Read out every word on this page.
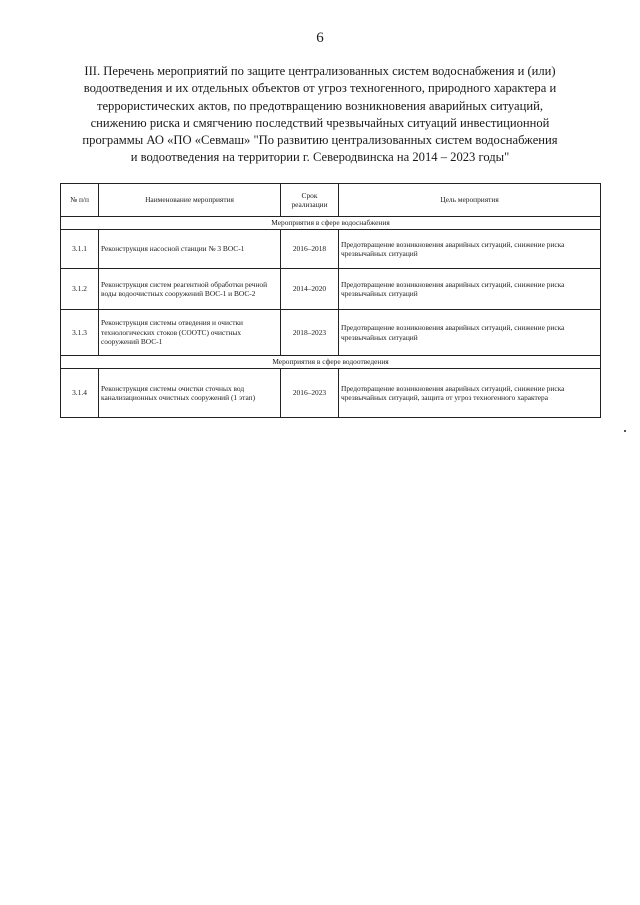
6
III. Перечень мероприятий по защите централизованных систем водоснабжения и (или)
водоотведения и их отдельных объектов от угроз техногенного, природного характера и
террористических актов, по предотвращению возникновения аварийных ситуаций,
снижению риска и смягчению последствий чрезвычайных ситуаций инвестиционной
программы АО «ПО «Севмаш» "По развитию централизованных систем водоснабжения
и водоотведения на территории г. Северодвинска на 2014 – 2023 годы"
№ п/п	Наименование мероприятия	Срок реализации	Цель мероприятия
Мероприятия в сфере водоснабжения			
3.1.1	Реконструкция насосной станции № 3 ВОС-1	2016–2018	Предотвращение возникновения аварийных ситуаций, снижение риска чрезвычайных ситуаций
3.1.2	Реконструкция систем реагентной обработки речной воды водоочистных сооружений ВОС-1 и ВОС-2	2014–2020	Предотвращение возникновения аварийных ситуаций, снижение риска чрезвычайных ситуаций
3.1.3	Реконструкция системы отведения и очистки технологических стоков (СООТС) очистных сооружений ВОС-1	2018–2023	Предотвращение возникновения аварийных ситуаций, снижение риска чрезвычайных ситуаций
Мероприятия в сфере водоотведения			
3.1.4	Реконструкция системы очистки сточных вод канализационных очистных сооружений (1 этап)	2016–2023	Предотвращение возникновения аварийных ситуаций, снижение риска чрезвычайных ситуаций, защита от угроз техногенного характера
